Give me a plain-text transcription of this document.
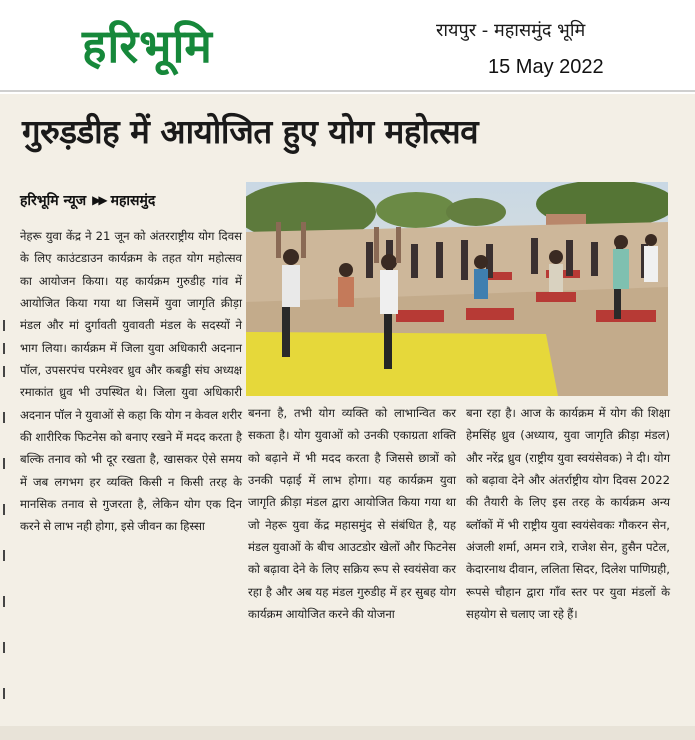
हरिभूमि	रायपुर - महासमुंद भूमि
15 May 2022
गुरुड़डीह में आयोजित हुए योग महोत्सव
हरिभूमि न्यूज ▶▶ महासमुंद

नेहरू युवा केंद्र ने 21 जून को अंतरराष्ट्रीय योग दिवस के लिए काउंटडाउन कार्यक्रम के तहत योग महोत्सव का आयोजन किया। यह कार्यक्रम गुरुडीह गांव में आयोजित किया गया था जिसमें युवा जागृति क्रीड़ा मंडल और मां दुर्गावती युवावती मंडल के सदस्यों ने भाग लिया। कार्यक्रम में जिला युवा अधिकारी अदनान पॉल, उपसरपंच परमेश्वर ध्रुव और कबड्डी संघ अध्यक्ष रमाकांत ध्रुव भी उपस्थित थे। जिला युवा अधिकारी अदनान पॉल ने युवाओं से कहा कि योग न केवल शरीर की शारीरिक फिटनेस को बनाए रखने में मदद करता है बल्कि तनाव को भी दूर रखता है, खासकर ऐसे समय में जब लगभग हर व्यक्ति किसी न किसी तरह के मानसिक तनाव से गुजरता है, लेकिन योग एक दिन करने से लाभ नही होगा, इसे जीवन का हिस्सा

बनना है, तभी योग व्यक्ति को लाभान्वित कर सकता है। योग युवाओं को उनकी एकाग्रता शक्ति को बढ़ाने में भी मदद करता है जिससे छात्रों को उनकी पढ़ाई में लाभ होगा। यह कार्यक्रम युवा जागृति क्रीड़ा मंडल द्वारा आयोजित किया गया था जो नेहरू युवा केंद्र महासमुंद से संबंधित है, यह मंडल युवाओं के बीच आउटडोर खेलों और फिटनेस को बढ़ावा देने के लिए सक्रिय रूप से स्वयंसेवा कर रहा है और अब यह मंडल गुरुडीह में हर सुबह योग कार्यक्रम आयोजित करने की योजना

बना रहा है। आज के कार्यक्रम में योग की शिक्षा हेमसिंह ध्रुव (अध्याय, युवा जागृति क्रीड़ा मंडल) और नरेंद्र ध्रुव (राष्ट्रीय युवा स्वयंसेवक) ने दी। योग को बढ़ावा देने और अंतर्राष्ट्रीय योग दिवस 2022 की तैयारी के लिए इस तरह के कार्यक्रम अन्य ब्लॉकों में भी राष्ट्रीय युवा स्वयंसेवकः गौकरन सेन, अंजली शर्मा, अमन रात्रे, राजेश सेन, हुसैन पटेल, केदारनाथ दीवान, ललिता सिदर, दिलेश पाणिग्रही, रूपसे चौहान द्वारा गाँव स्तर पर युवा मंडलों के सहयोग से चलाए जा रहे हैं।
